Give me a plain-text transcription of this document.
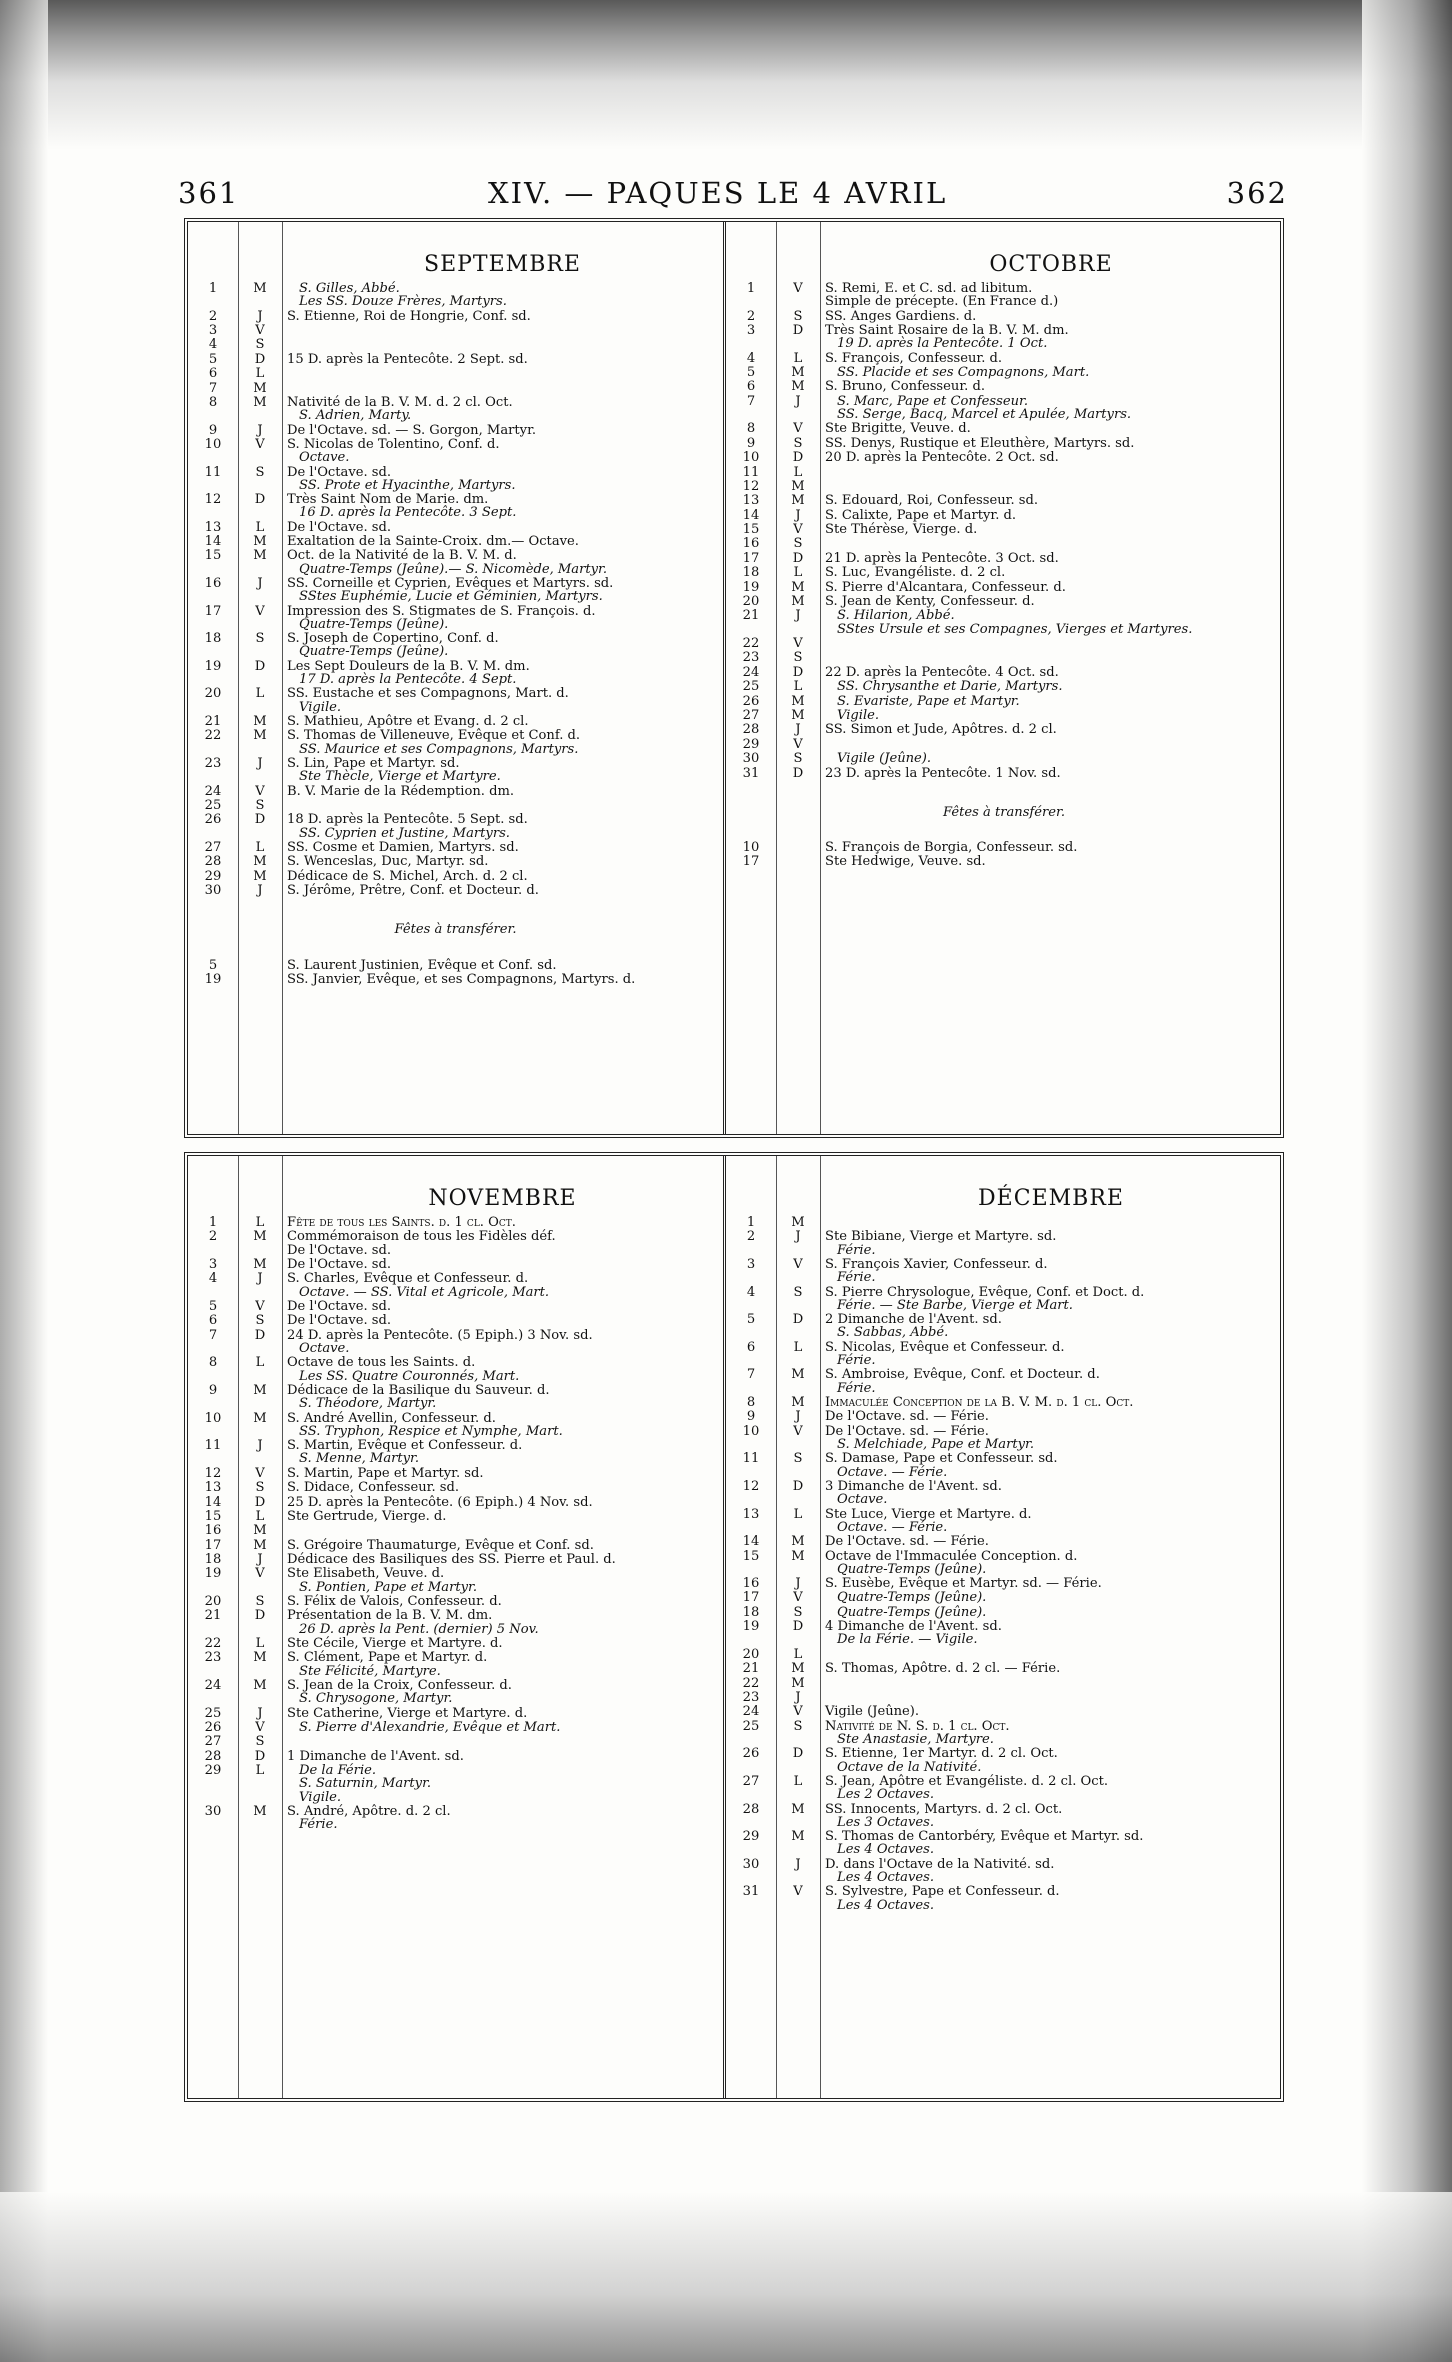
361	XIV. — PAQUES LE 4 AVRIL	362
SEPTEMBRE
1	M	S. Gilles, Abbé.
Les SS. Douze Frères, Martyrs.
2	J	S. Etienne, Roi de Hongrie, Conf. sd.
3	V
4	S
5	D	15 D. après la Pentecôte. 2 Sept. sd.
6	L
7	M
8	M	Nativité de la B. V. M. d. 2 cl. Oct.
S. Adrien, Marty.
9	J	De l'Octave. sd. — S. Gorgon, Martyr.
10	V	S. Nicolas de Tolentino, Conf. d.
Octave.
11	S	De l'Octave. sd.
SS. Prote et Hyacinthe, Martyrs.
12	D	Très Saint Nom de Marie. dm.
16 D. après la Pentecôte. 3 Sept.
13	L	De l'Octave. sd.
14	M	Exaltation de la Sainte-Croix. dm.— Octave.
15	M	Oct. de la Nativité de la B. V. M. d.
Quatre-Temps (Jeûne).— S. Nicomède, Martyr.
16	J	SS. Corneille et Cyprien, Evêques et Martyrs. sd.
SStes Euphémie, Lucie et Géminien, Martyrs.
17	V	Impression des S. Stigmates de S. François. d.
Quatre-Temps (Jeûne).
18	S	S. Joseph de Copertino, Conf. d.
Quatre-Temps (Jeûne).
19	D	Les Sept Douleurs de la B. V. M. dm.
17 D. après la Pentecôte. 4 Sept.
20	L	SS. Eustache et ses Compagnons, Mart. d.
Vigile.
21	M	S. Mathieu, Apôtre et Evang. d. 2 cl.
22	M	S. Thomas de Villeneuve, Evêque et Conf. d.
SS. Maurice et ses Compagnons, Martyrs.
23	J	S. Lin, Pape et Martyr. sd.
Ste Thècle, Vierge et Martyre.
24	V	B. V. Marie de la Rédemption. dm.
25	S
26	D	18 D. après la Pentecôte. 5 Sept. sd.
SS. Cyprien et Justine, Martyrs.
27	L	SS. Cosme et Damien, Martyrs. sd.
28	M	S. Wenceslas, Duc, Martyr. sd.
29	M	Dédicace de S. Michel, Arch. d. 2 cl.
30	J	S. Jérôme, Prêtre, Conf. et Docteur. d.
Fêtes à transférer.
5	S. Laurent Justinien, Evêque et Conf. sd.
19	SS. Janvier, Evêque, et ses Compagnons, Martyrs. d.
OCTOBRE
1	V	S. Remi, E. et C. sd. ad libitum.
Simple de précepte. (En France d.)
2	S	SS. Anges Gardiens. d.
3	D	Très Saint Rosaire de la B. V. M. dm.
19 D. après la Pentecôte. 1 Oct.
4	L	S. François, Confesseur. d.
5	M	SS. Placide et ses Compagnons, Mart.
6	M	S. Bruno, Confesseur. d.
7	J	S. Marc, Pape et Confesseur.
SS. Serge, Bacq, Marcel et Apulée, Martyrs.
8	V	Ste Brigitte, Veuve. d.
9	S	SS. Denys, Rustique et Eleuthère, Martyrs. sd.
10	D	20 D. après la Pentecôte. 2 Oct. sd.
11	L
12	M
13	M	S. Edouard, Roi, Confesseur. sd.
14	J	S. Calixte, Pape et Martyr. d.
15	V	Ste Thérèse, Vierge. d.
16	S
17	D	21 D. après la Pentecôte. 3 Oct. sd.
18	L	S. Luc, Evangéliste. d. 2 cl.
19	M	S. Pierre d'Alcantara, Confesseur. d.
20	M	S. Jean de Kenty, Confesseur. d.
21	J	S. Hilarion, Abbé.
SStes Ursule et ses Compagnes, Vierges et Martyres.
22	V
23	S
24	D	22 D. après la Pentecôte. 4 Oct. sd.
25	L	SS. Chrysanthe et Darie, Martyrs.
26	M	S. Evariste, Pape et Martyr.
27	M	Vigile.
28	J	SS. Simon et Jude, Apôtres. d. 2 cl.
29	V
30	S	Vigile (Jeûne).
31	D	23 D. après la Pentecôte. 1 Nov. sd.
Fêtes à transférer.
10	S. François de Borgia, Confesseur. sd.
17	Ste Hedwige, Veuve. sd.
NOVEMBRE
1	L	Fête de tous les Saints. d. 1 cl. Oct.
2	M	Commémoraison de tous les Fidèles déf.
De l'Octave. sd.
3	M	De l'Octave. sd.
4	J	S. Charles, Evêque et Confesseur. d.
Octave. — SS. Vital et Agricole, Mart.
5	V	De l'Octave. sd.
6	S	De l'Octave. sd.
7	D	24 D. après la Pentecôte. (5 Epiph.) 3 Nov. sd.
Octave.
8	L	Octave de tous les Saints. d.
Les SS. Quatre Couronnés, Mart.
9	M	Dédicace de la Basilique du Sauveur. d.
S. Théodore, Martyr.
10	M	S. André Avellin, Confesseur. d.
SS. Tryphon, Respice et Nymphe, Mart.
11	J	S. Martin, Evêque et Confesseur. d.
S. Menne, Martyr.
12	V	S. Martin, Pape et Martyr. sd.
13	S	S. Didace, Confesseur. sd.
14	D	25 D. après la Pentecôte. (6 Epiph.) 4 Nov. sd.
15	L	Ste Gertrude, Vierge. d.
16	M
17	M	S. Grégoire Thaumaturge, Evêque et Conf. sd.
18	J	Dédicace des Basiliques des SS. Pierre et Paul. d.
19	V	Ste Elisabeth, Veuve. d.
S. Pontien, Pape et Martyr.
20	S	S. Félix de Valois, Confesseur. d.
21	D	Présentation de la B. V. M. dm.
26 D. après la Pent. (dernier) 5 Nov.
22	L	Ste Cécile, Vierge et Martyre. d.
23	M	S. Clément, Pape et Martyr. d.
Ste Félicité, Martyre.
24	M	S. Jean de la Croix, Confesseur. d.
S. Chrysogone, Martyr.
25	J	Ste Catherine, Vierge et Martyre. d.
26	V	S. Pierre d'Alexandrie, Evêque et Mart.
27	S
28	D	1 Dimanche de l'Avent. sd.
29	L	De la Férie.
S. Saturnin, Martyr.
Vigile.
30	M	S. André, Apôtre. d. 2 cl.
Férie.
DÉCEMBRE
1	M
2	J	Ste Bibiane, Vierge et Martyre. sd.
Férie.
3	V	S. François Xavier, Confesseur. d.
Férie.
4	S	S. Pierre Chrysologue, Evêque, Conf. et Doct. d.
Férie. — Ste Barbe, Vierge et Mart.
5	D	2 Dimanche de l'Avent. sd.
S. Sabbas, Abbé.
6	L	S. Nicolas, Evêque et Confesseur. d.
Férie.
7	M	S. Ambroise, Evêque, Conf. et Docteur. d.
Férie.
8	M	Immaculée Conception de la B. V. M. d. 1 cl. Oct.
9	J	De l'Octave. sd. — Férie.
10	V	De l'Octave. sd. — Férie.
S. Melchiade, Pape et Martyr.
11	S	S. Damase, Pape et Confesseur. sd.
Octave. — Férie.
12	D	3 Dimanche de l'Avent. sd.
Octave.
13	L	Ste Luce, Vierge et Martyre. d.
Octave. — Férie.
14	M	De l'Octave. sd. — Férie.
15	M	Octave de l'Immaculée Conception. d.
Quatre-Temps (Jeûne).
16	J	S. Eusèbe, Evêque et Martyr. sd. — Férie.
17	V	Quatre-Temps (Jeûne).
18	S	Quatre-Temps (Jeûne).
19	D	4 Dimanche de l'Avent. sd.
De la Férie. — Vigile.
20	L
21	M	S. Thomas, Apôtre. d. 2 cl. — Férie.
22	M
23	J
24	V	Vigile (Jeûne).
25	S	Nativité de N. S. d. 1 cl. Oct.
Ste Anastasie, Martyre.
26	D	S. Etienne, 1er Martyr. d. 2 cl. Oct.
Octave de la Nativité.
27	L	S. Jean, Apôtre et Evangéliste. d. 2 cl. Oct.
Les 2 Octaves.
28	M	SS. Innocents, Martyrs. d. 2 cl. Oct.
Les 3 Octaves.
29	M	S. Thomas de Cantorbéry, Evêque et Martyr. sd.
Les 4 Octaves.
30	J	D. dans l'Octave de la Nativité. sd.
Les 4 Octaves.
31	V	S. Sylvestre, Pape et Confesseur. d.
Les 4 Octaves.
